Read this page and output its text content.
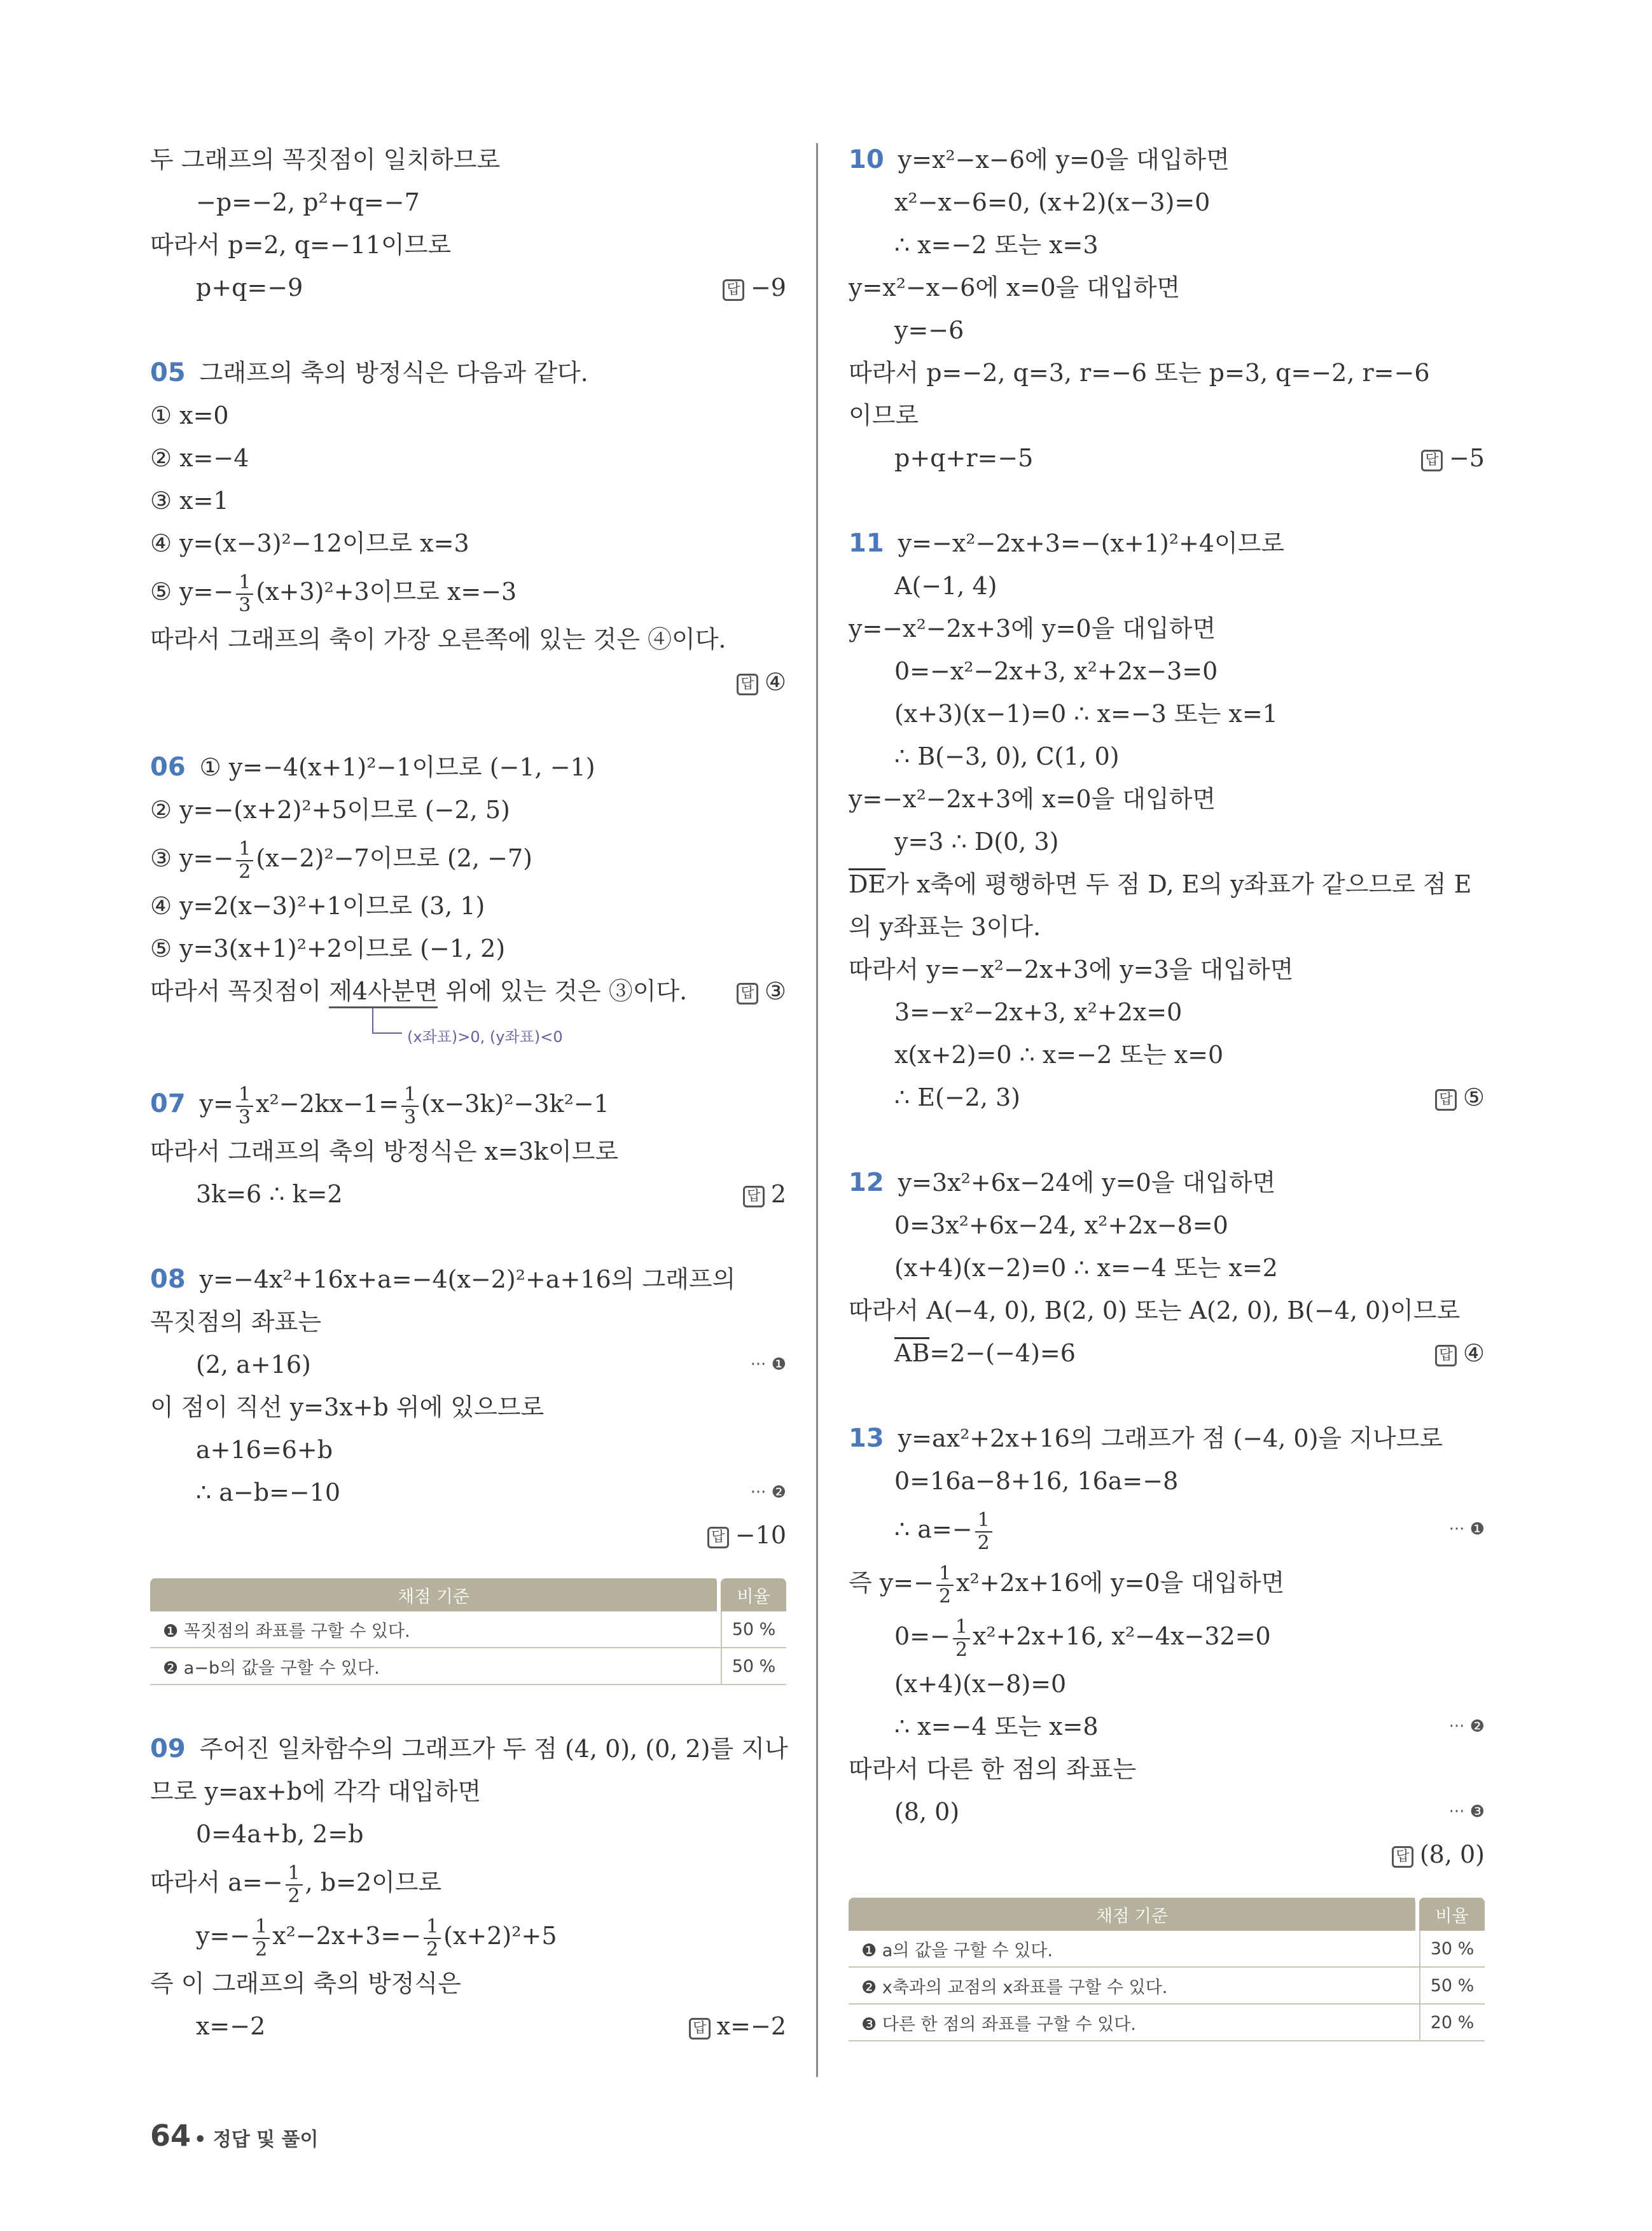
두 그래프의 꼭짓점이 일치하므로
−p=−2, p²+q=−7
따라서 p=2, q=−11이므로
p+q=−9	답 −9
05 그래프의 축의 방정식은 다음과 같다.
① x=0
② x=−4
③ x=1
④ y=(x−3)²−12이므로 x=3
⑤ $y=- \frac{1}{3} (x+3)^2+3$이므로 x=−3
따라서 그래프의 축이 가장 오른쪽에 있는 것은 ④이다.
답 ④
06 ① y=−4(x+1)²−1이므로 (−1, −1)
② y=−(x+2)²+5이므로 (−2, 5)
③ $y=- \frac{1}{2} (x-2)^2-7$이므로 (2, −7)
④ y=2(x−3)²+1이므로 (3, 1)
⑤ y=3(x+1)²+2이므로 (−1, 2)
따라서 꼭짓점이 제4사분면 위에 있는 것은 ③이다.	답 ③
07 $y= \frac{1}{3} x^2-2kx-1= \frac{1}{3} (x-3k)^2-3k^2-1$
따라서 그래프의 축의 방정식은 x=3k이므로
3k=6 ∴ k=2	답 2
08 y=−4x²+16x+a=−4(x−2)²+a+16의 그래프의
꼭짓점의 좌표는
(2, a+16)	··· ❶
이 점이 직선 y=3x+b 위에 있으므로
a+16=6+b
∴ a−b=−10	··· ❷
답 −10
채점 기준	비율
❶ 꼭짓점의 좌표를 구할 수 있다.	50 %
❷ a−b의 값을 구할 수 있다.	50 %
09 주어진 일차함수의 그래프가 두 점 (4, 0), (0, 2)를 지나
므로 y=ax+b에 각각 대입하면
0=4a+b, 2=b
따라서 $a=- \frac{1}{2}$ , b=2이므로
$y=- \frac{1}{2} x^2-2x+3=- \frac{1}{2} (x+2)^2+5$
즉 이 그래프의 축의 방정식은
x=−2	답 x=−2
(x좌표)>0, (y좌표)<0
10 y=x²−x−6에 y=0을 대입하면
x²−x−6=0, (x+2)(x−3)=0
∴ x=−2 또는 x=3
y=x²−x−6에 x=0을 대입하면
y=−6
따라서 p=−2, q=3, r=−6 또는 p=3, q=−2, r=−6
이므로
p+q+r=−5	답 −5
11 y=−x²−2x+3=−(x+1)²+4이므로
A(−1, 4)
y=−x²−2x+3에 y=0을 대입하면
0=−x²−2x+3, x²+2x−3=0
(x+3)(x−1)=0 ∴ x=−3 또는 x=1
∴ B(−3, 0), C(1, 0)
y=−x²−2x+3에 x=0을 대입하면
y=3 ∴ D(0, 3)
DE가 x축에 평행하면 두 점 D, E의 y좌표가 같으므로 점 E
의 y좌표는 3이다.
따라서 y=−x²−2x+3에 y=3을 대입하면
3=−x²−2x+3, x²+2x=0
x(x+2)=0 ∴ x=−2 또는 x=0
∴ E(−2, 3)	답 ⑤
12 y=3x²+6x−24에 y=0을 대입하면
0=3x²+6x−24, x²+2x−8=0
(x+4)(x−2)=0 ∴ x=−4 또는 x=2
따라서 A(−4, 0), B(2, 0) 또는 A(2, 0), B(−4, 0)이므로
AB=2−(−4)=6	답 ④
13 y=ax²+2x+16의 그래프가 점 (−4, 0)을 지나므로
0=16a−8+16, 16a=−8
∴ $a=- \frac{1}{2}$	··· ❶
즉 $y=- \frac{1}{2} x^2+2x+16$에 y=0을 대입하면
$0=- \frac{1}{2} x^2+2x+16$, x²−4x−32=0
(x+4)(x−8)=0
∴ x=−4 또는 x=8	··· ❷
따라서 다른 한 점의 좌표는
(8, 0)	··· ❸
답 (8, 0)
채점 기준	비율
❶ a의 값을 구할 수 있다.	30 %
❷ x축과의 교점의 x좌표를 구할 수 있다.	50 %
❸ 다른 한 점의 좌표를 구할 수 있다.	20 %
64 • 정답 및 풀이
